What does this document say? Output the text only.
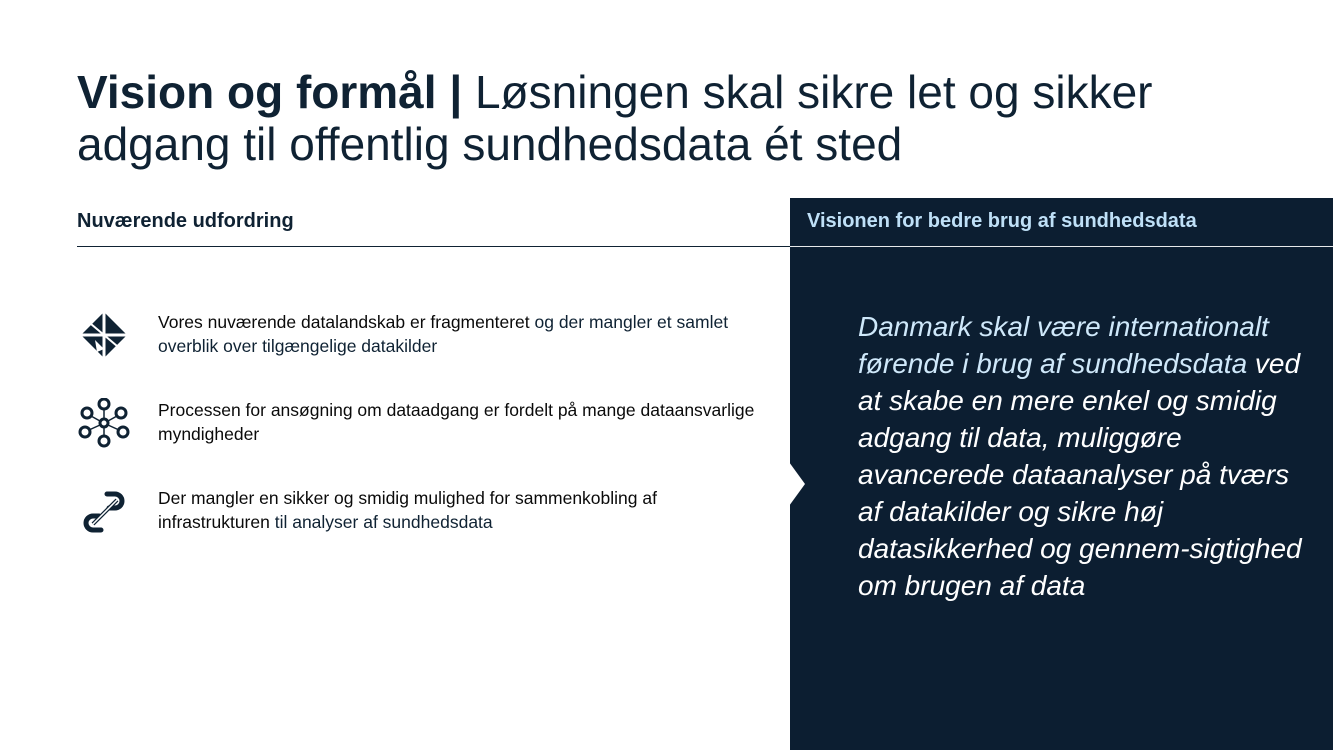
Vision og formål | Løsningen skal sikre let og sikker adgang til offentlig sundhedsdata ét sted
Nuværende udfordring
Vores nuværende datalandskab er fragmenteret og der mangler et samlet overblik over tilgængelige datakilder
Processen for ansøgning om dataadgang er fordelt på mange dataansvarlige myndigheder
Der mangler en sikker og smidig mulighed for sammenkobling af infrastrukturen til analyser af sundhedsdata
Visionen for bedre brug af sundhedsdata
Danmark skal være internationalt førende i brug af sundhedsdata ved at skabe en mere enkel og smidig adgang til data, muliggøre avancerede dataanalyser på tværs af datakilder og sikre høj datasikkerhed og gennem-sigtighed om brugen af data
